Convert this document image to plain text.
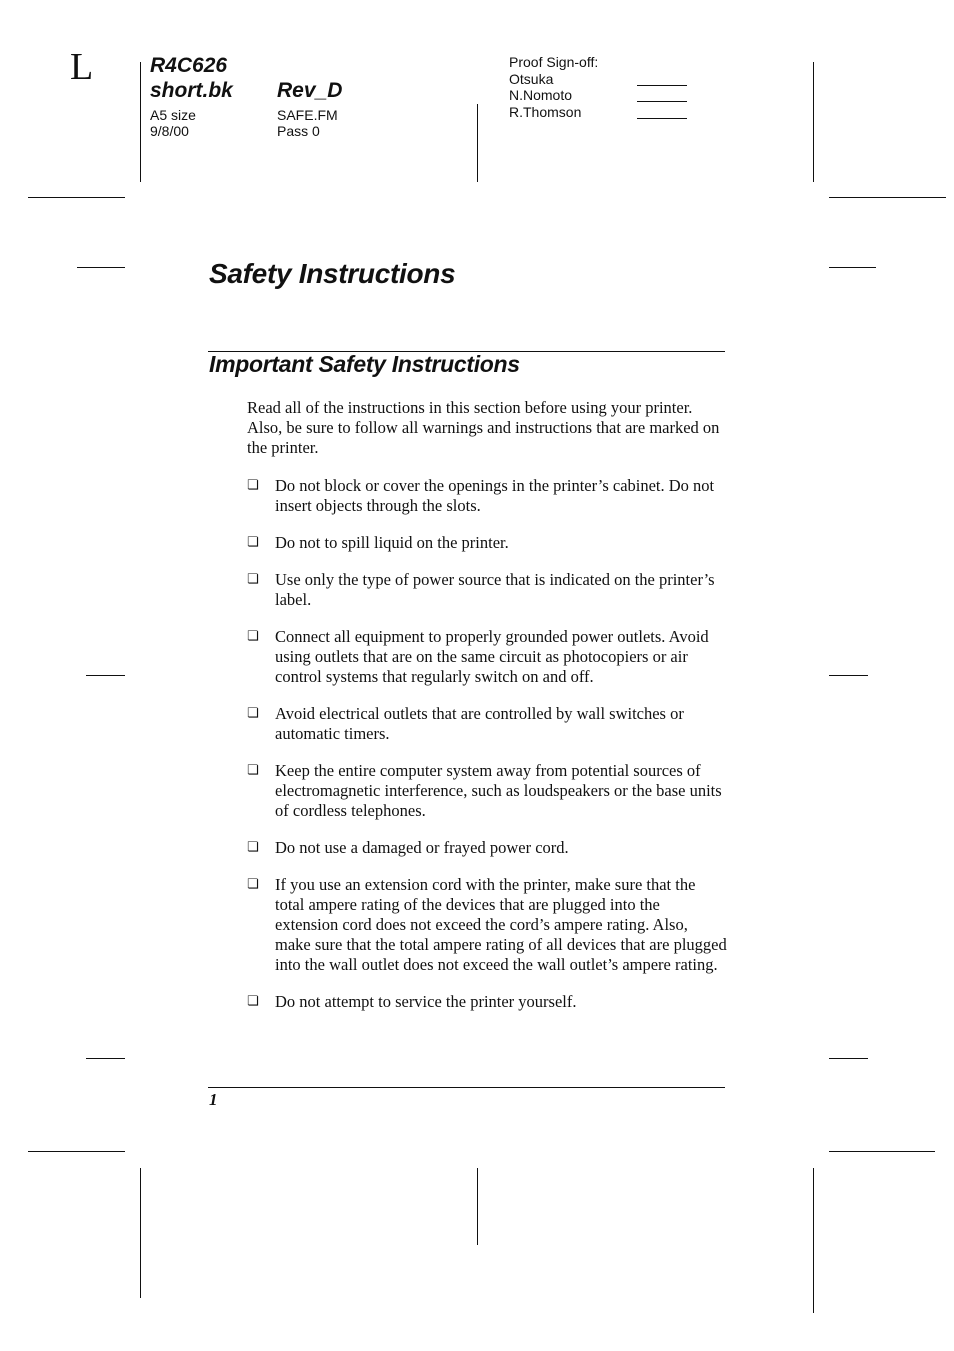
L	R4C626
short.bk Rev_D
A5 size
9/8/00
SAFE.FM
Pass 0
Proof Sign-off:
Otsuka
N.Nomoto
R.Thomson
Safety Instructions
Important Safety Instructions
Read all of the instructions in this section before using your printer. Also, be sure to follow all warnings and instructions that are marked on the printer.
❏ Do not block or cover the openings in the printer’s cabinet. Do not insert objects through the slots.
❏ Do not to spill liquid on the printer.
❏ Use only the type of power source that is indicated on the printer’s label.
❏ Connect all equipment to properly grounded power outlets. Avoid using outlets that are on the same circuit as photocopiers or air control systems that regularly switch on and off.
❏ Avoid electrical outlets that are controlled by wall switches or automatic timers.
❏ Keep the entire computer system away from potential sources of electromagnetic interference, such as loudspeakers or the base units of cordless telephones.
❏ Do not use a damaged or frayed power cord.
❏ If you use an extension cord with the printer, make sure that the total ampere rating of the devices that are plugged into the extension cord does not exceed the cord’s ampere rating. Also, make sure that the total ampere rating of all devices that are plugged into the wall outlet does not exceed the wall outlet’s ampere rating.
❏ Do not attempt to service the printer yourself.
1
